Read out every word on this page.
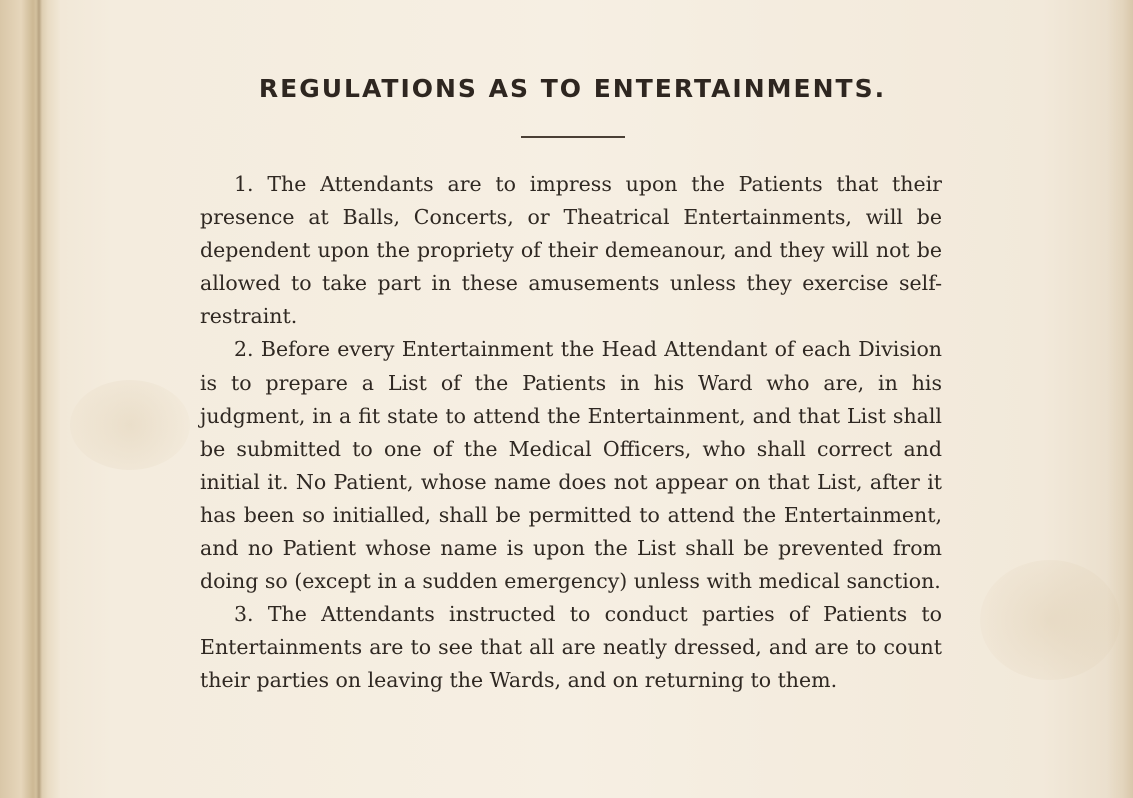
REGULATIONS AS TO ENTERTAINMENTS.

1. The Attendants are to impress upon the Patients that their presence at Balls, Concerts, or Theatrical Entertainments, will be dependent upon the propriety of their demeanour, and they will not be allowed to take part in these amusements unless they exercise self-restraint.

2. Before every Entertainment the Head Attendant of each Division is to prepare a List of the Patients in his Ward who are, in his judgment, in a fit state to attend the Entertainment, and that List shall be submitted to one of the Medical Officers, who shall correct and initial it. No Patient, whose name does not appear on that List, after it has been so initialled, shall be permitted to attend the Entertainment, and no Patient whose name is upon the List shall be prevented from doing so (except in a sudden emergency) unless with medical sanction.

3. The Attendants instructed to conduct parties of Patients to Entertainments are to see that all are neatly dressed, and are to count their parties on leaving the Wards, and on returning to them.
